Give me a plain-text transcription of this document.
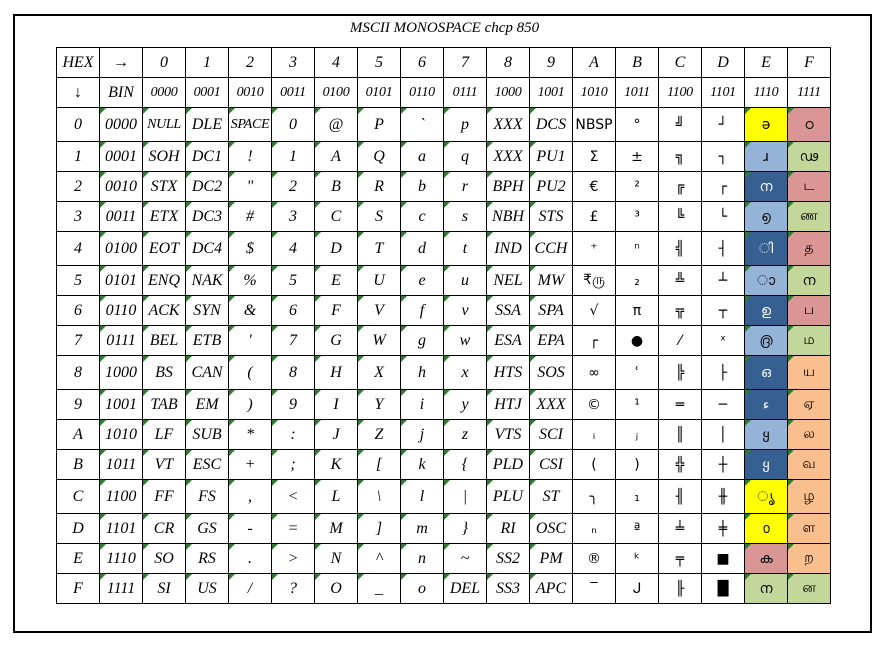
MSCII MONOSPACE chcp 850
HEX	→	0	1	2	3	4	5	6	7	8	9	A	B	C	D	E	F
↓	BIN	0000	0001	0010	0011	0100	0101	0110	0111	1000	1001	1010	1011	1100	1101	1110	1111
0	0000	NULL	DLE	SPACE	0	@	P	`	p	XXX	DCS	NBSP	°	╝	┘	ə	ഠ
1	0001	SOH	DC1	!	1	A	Q	a	q	XXX	PU1	Σ	±	╗	┐	ɹ	ഢ
2	0010	STX	DC2	"	2	B	R	b	r	BPH	PU2	€	²	╔	┌	ന	ட
3	0011	ETX	DC3	#	3	C	S	c	s	NBH	STS	£	³	╚	└	൭	ண
4	0100	EOT	DC4	$	4	D	T	d	t	IND	CCH	⁺	ⁿ	╣	┤	ി	த
5	0101	ENQ	NAK	%	5	E	U	e	u	NEL	MW	₹ரு	₂	╩	┴	ാ	ന
6	0110	ACK	SYN	&	6	F	V	f	v	SSA	SPA	√	π	╦	┬	ഉ	ப
7	0111	BEL	ETB	'	7	G	W	g	w	ESA	EPA	┌	●	⁄	ˣ	൫	ம
8	1000	BS	CAN	(	8	H	X	h	x	HTS	SOS	∞	ʿ	╠	├	ഒ	ய
9	1001	TAB	EM	)	9	I	Y	i	y	HTJ	XXX	©	¹	═	─	ء	ஏ
A	1010	LF	SUB	*	:	J	Z	j	z	VTS	SCI	ᵢ	ⱼ	║	│	ყ	ல
B	1011	VT	ESC	+	;	K	[	k	{	PLD	CSI	(	)	╬	┼	ყ	வ
C	1100	FF	FS	,	<	L	\	l	|	PLU	ST	╮	₁	╢	╫	ൃ	ழ
D	1101	CR	GS	-	=	M	]	m	}	RI	OSC	ₙ	ª	╧	╪	൦	ள
E	1110	SO	RS	.	>	N	^	n	~	SS2	PM	®	ᵏ	╤	■	ക	ற
F	1111	SI	US	/	?	O	_	o	DEL	SS3	APC	‾	ᒍ	╟	█	ന	ன
